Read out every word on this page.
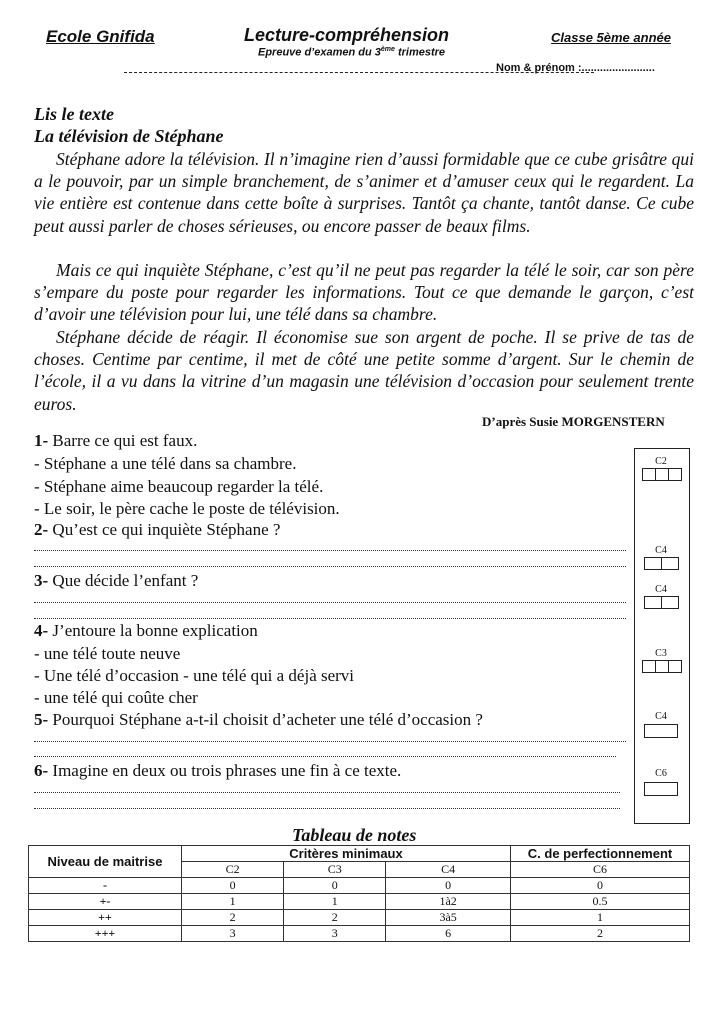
Ecole Gnifida	Lecture-compréhension	Classe 5ème année
Epreuve d’examen du 3ème trimestre
Nom & prénom :........................
Lis le texte
La télévision de Stéphane
Stéphane adore la télévision. Il n’imagine rien d’aussi formidable que ce cube grisâtre qui a le pouvoir, par un simple branchement, de s’animer et d’amuser ceux qui le regardent. La vie entière est contenue dans cette boîte à surprises. Tantôt ça chante, tantôt danse. Ce cube peut aussi parler de choses sérieuses, ou encore passer de beaux films.
Mais ce qui inquiète Stéphane, c’est qu’il ne peut pas regarder la télé le soir, car son père s’empare du poste pour regarder les informations. Tout ce que demande le garçon, c’est d’avoir une télévision pour lui, une télé dans sa chambre.
Stéphane décide de réagir. Il économise sue son argent de poche. Il se prive de tas de choses. Centime par centime, il met de côté une petite somme d’argent. Sur le chemin de l’école, il a vu dans la vitrine d’un magasin une télévision d’occasion pour seulement trente euros.
D’après Susie MORGENSTERN
1- Barre ce qui est faux.
- Stéphane a une télé dans sa chambre.
- Stéphane aime beaucoup regarder la télé.
- Le soir, le père cache le poste de télévision.
2- Qu’est ce qui inquiète Stéphane ?
3- Que décide l’enfant ?
4- J’entoure la bonne explication
- une télé toute neuve
- Une télé d’occasion - une télé qui a déjà servi
- une télé qui coûte cher
5- Pourquoi Stéphane a-t-il choisit d’acheter une télé d’occasion ?
6- Imagine en deux ou trois phrases une fin à ce texte.
C2
C4
C4
C3
C4
C6
Tableau de notes
Niveau de maitrise	Critères minimaux			C. de perfectionnement
	C2	C3	C4	C6
-	0	0	0	0
+-	1	1	1à2	0.5
++	2	2	3à5	1
+++	3	3	6	2
